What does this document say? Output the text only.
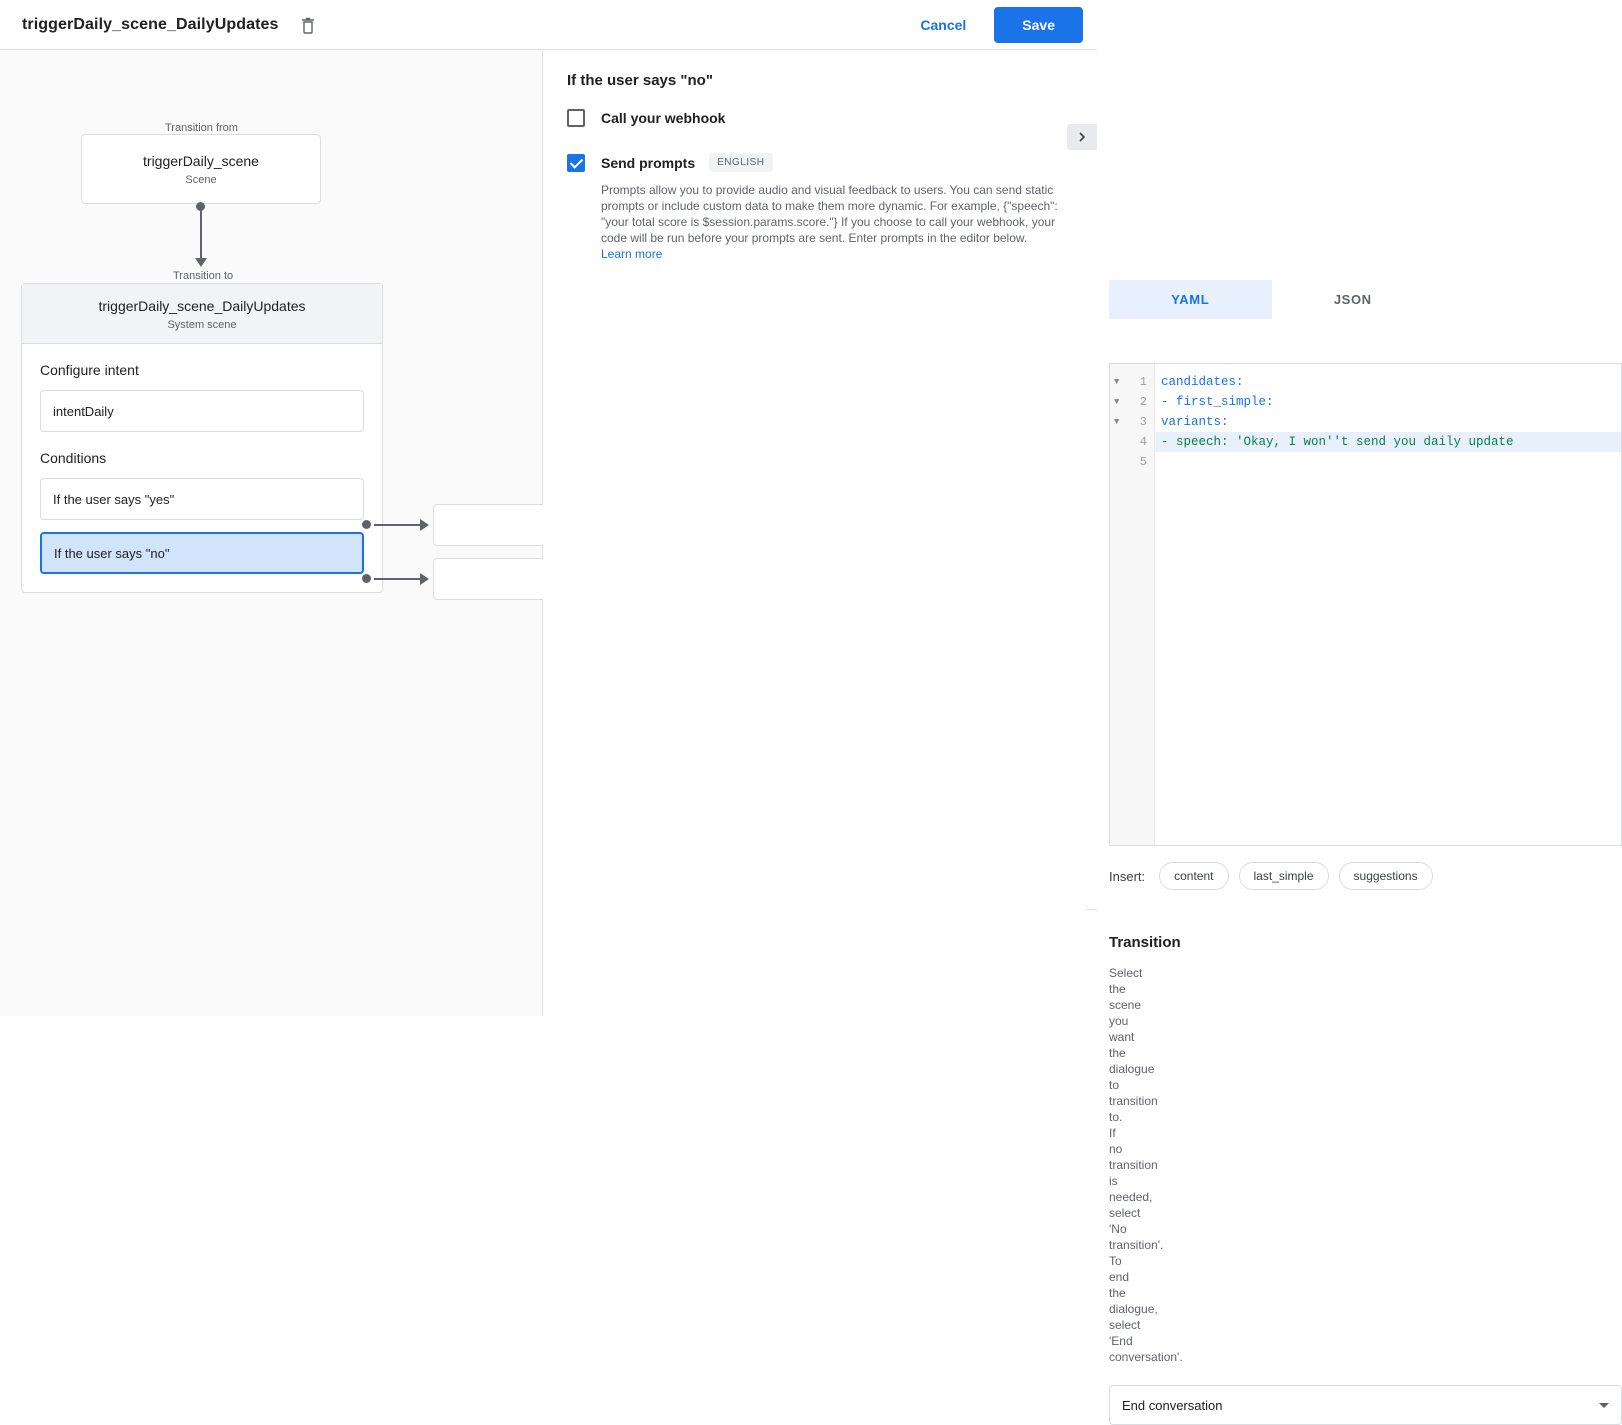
triggerDaily_scene_DailyUpdates	Cancel	Save
Transition from
triggerDaily_scene
Scene
Transition to
triggerDaily_scene_DailyUpdates
System scene
Configure intent
intentDaily
Conditions
If the user says "yes"
If the user says "no"
If the user says "no"
Call your webhook
Send prompts	ENGLISH
Prompts allow you to provide audio and visual feedback to users. You can send static prompts or include custom data to make them more dynamic. For example, {"speech": "your total score is $session.params.score."} If you choose to call your webhook, your code will be run before your prompts are sent. Enter prompts in the editor below. Learn more
YAML	JSON
▼ 1
▼ 2
▼ 3
4
5
candidates:
- first_simple:
variants:
- speech: 'Okay, I won''t send you daily update
Insert:	content	last_simple	suggestions
Transition

Select the scene you want the dialogue to transition to. If no transition is needed, select 'No transition'. To end the dialogue, select 'End conversation'.

End conversation
